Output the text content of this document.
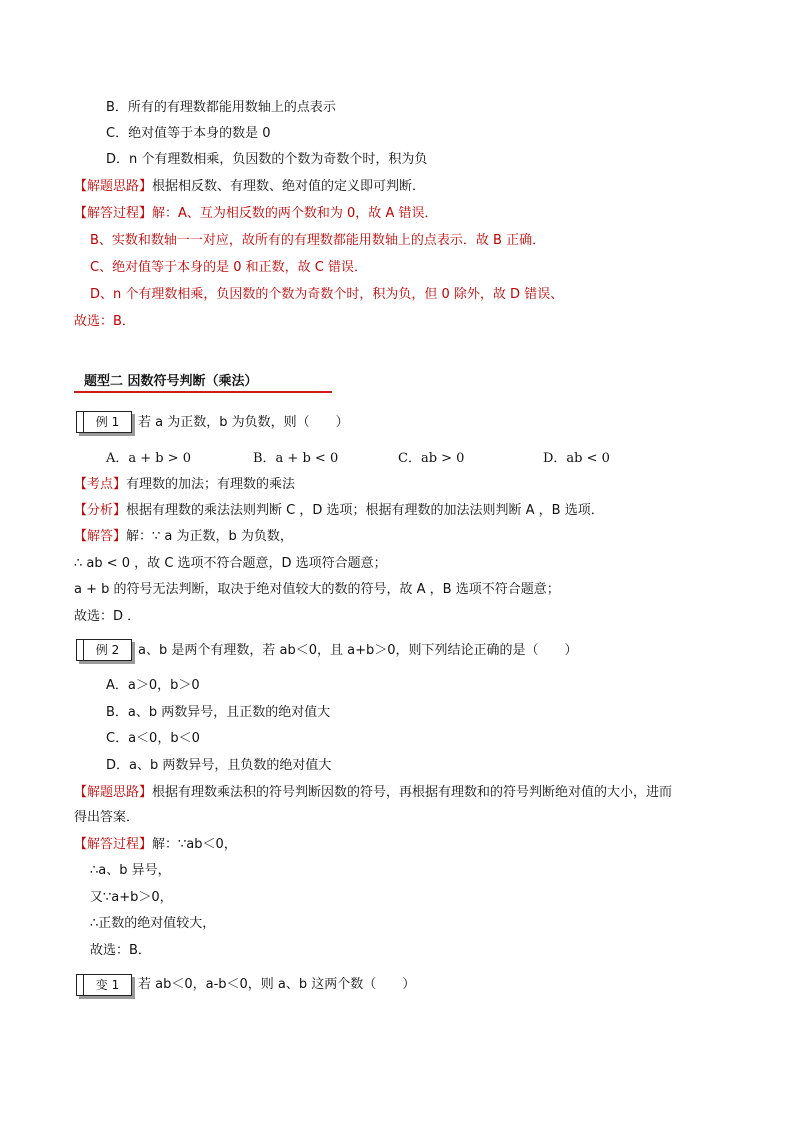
B．所有的有理数都能用数轴上的点表示
C．绝对值等于本身的数是 0
D．n 个有理数相乘，负因数的个数为奇数个时，积为负
【解题思路】根据相反数、有理数、绝对值的定义即可判断．
【解答过程】解：A、互为相反数的两个数和为 0，故 A 错误．
B、实数和数轴一一对应，故所有的有理数都能用数轴上的点表示．故 B 正确．
C、绝对值等于本身的是 0 和正数，故 C 错误．
D、n 个有理数相乘，负因数的个数为奇数个时，积为负，但 0 除外，故 D 错误、
故选：B．
题型二 因数符号判断（乘法）
例 1	若 a 为正数，b 为负数，则（　　）
A．a + b > 0	B．a + b < 0	C．ab > 0	D．ab < 0
【考点】有理数的加法；有理数的乘法
【分析】根据有理数的乘法法则判断 C ，D 选项；根据有理数的加法法则判断 A ，B 选项．
【解答】解：∵ a 为正数，b 为负数，
∴ ab < 0 ，故 C 选项不符合题意，D 选项符合题意；
a + b 的符号无法判断，取决于绝对值较大的数的符号，故 A ，B 选项不符合题意；
故选：D ．
例 2	a、b 是两个有理数，若 ab＜0，且 a+b＞0，则下列结论正确的是（　　）
A．a＞0，b＞0
B．a、b 两数异号，且正数的绝对值大
C．a＜0，b＜0
D．a、b 两数异号，且负数的绝对值大
【解题思路】根据有理数乘法积的符号判断因数的符号，再根据有理数和的符号判断绝对值的大小，进而
得出答案．
【解答过程】解：∵ab＜0，
∴a、b 异号，
又∵a+b＞0，
∴正数的绝对值较大，
故选：B．
变 1	若 ab＜0，a-b＜0，则 a、b 这两个数（　　）
